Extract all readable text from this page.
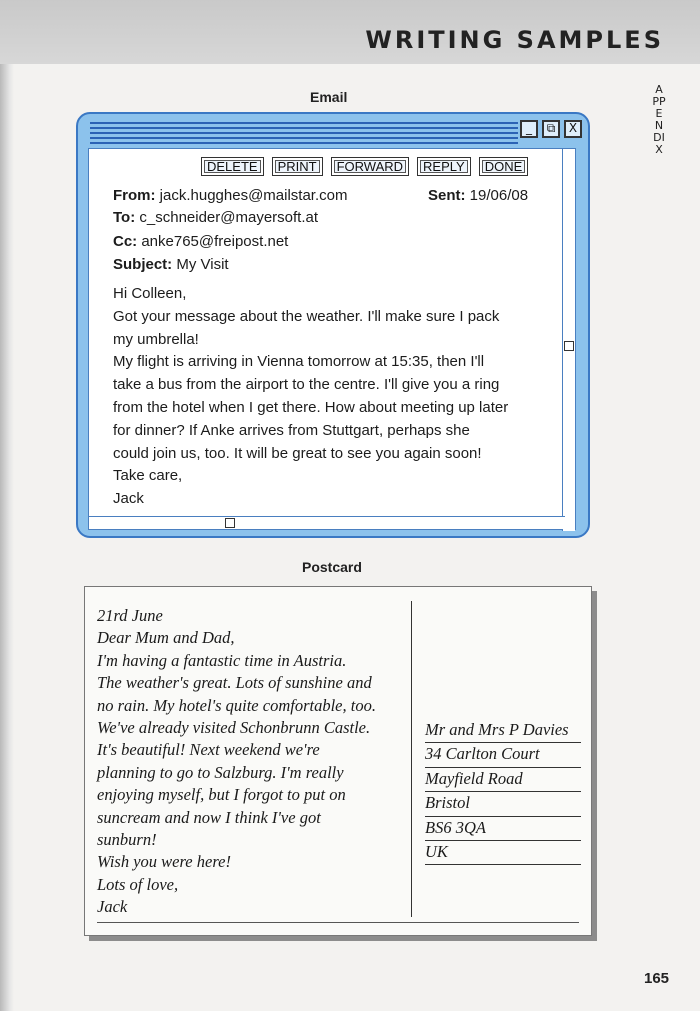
WRITING SAMPLES
APPENDIX
Email
_	⧉	X
DELETE	PRINT	FORWARD	REPLY	DONE
From: jack.hugghes@mailstar.com	Sent: 19/06/08
To: c_schneider@mayersoft.at
Cc: anke765@freipost.net
Subject: My Visit
Hi Colleen,
Got your message about the weather. I'll make sure I pack
my umbrella!
My flight is arriving in Vienna tomorrow at 15:35, then I'll
take a bus from the airport to the centre. I'll give you a ring
from the hotel when I get there. How about meeting up later
for dinner? If Anke arrives from Stuttgart, perhaps she
could join us, too. It will be great to see you again soon!
Take care,
Jack
Postcard
21rd June
Dear Mum and Dad,
I'm having a fantastic time in Austria.
The weather's great. Lots of sunshine and
no rain. My hotel's quite comfortable, too.
We've already visited Schonbrunn Castle.
It's beautiful! Next weekend we're
planning to go to Salzburg. I'm really
enjoying myself, but I forgot to put on
suncream and now I think I've got
sunburn!
Wish you were here!
Lots of love,
Jack
Mr and Mrs P Davies
34 Carlton Court
Mayfield Road
Bristol
BS6 3QA
UK
165
